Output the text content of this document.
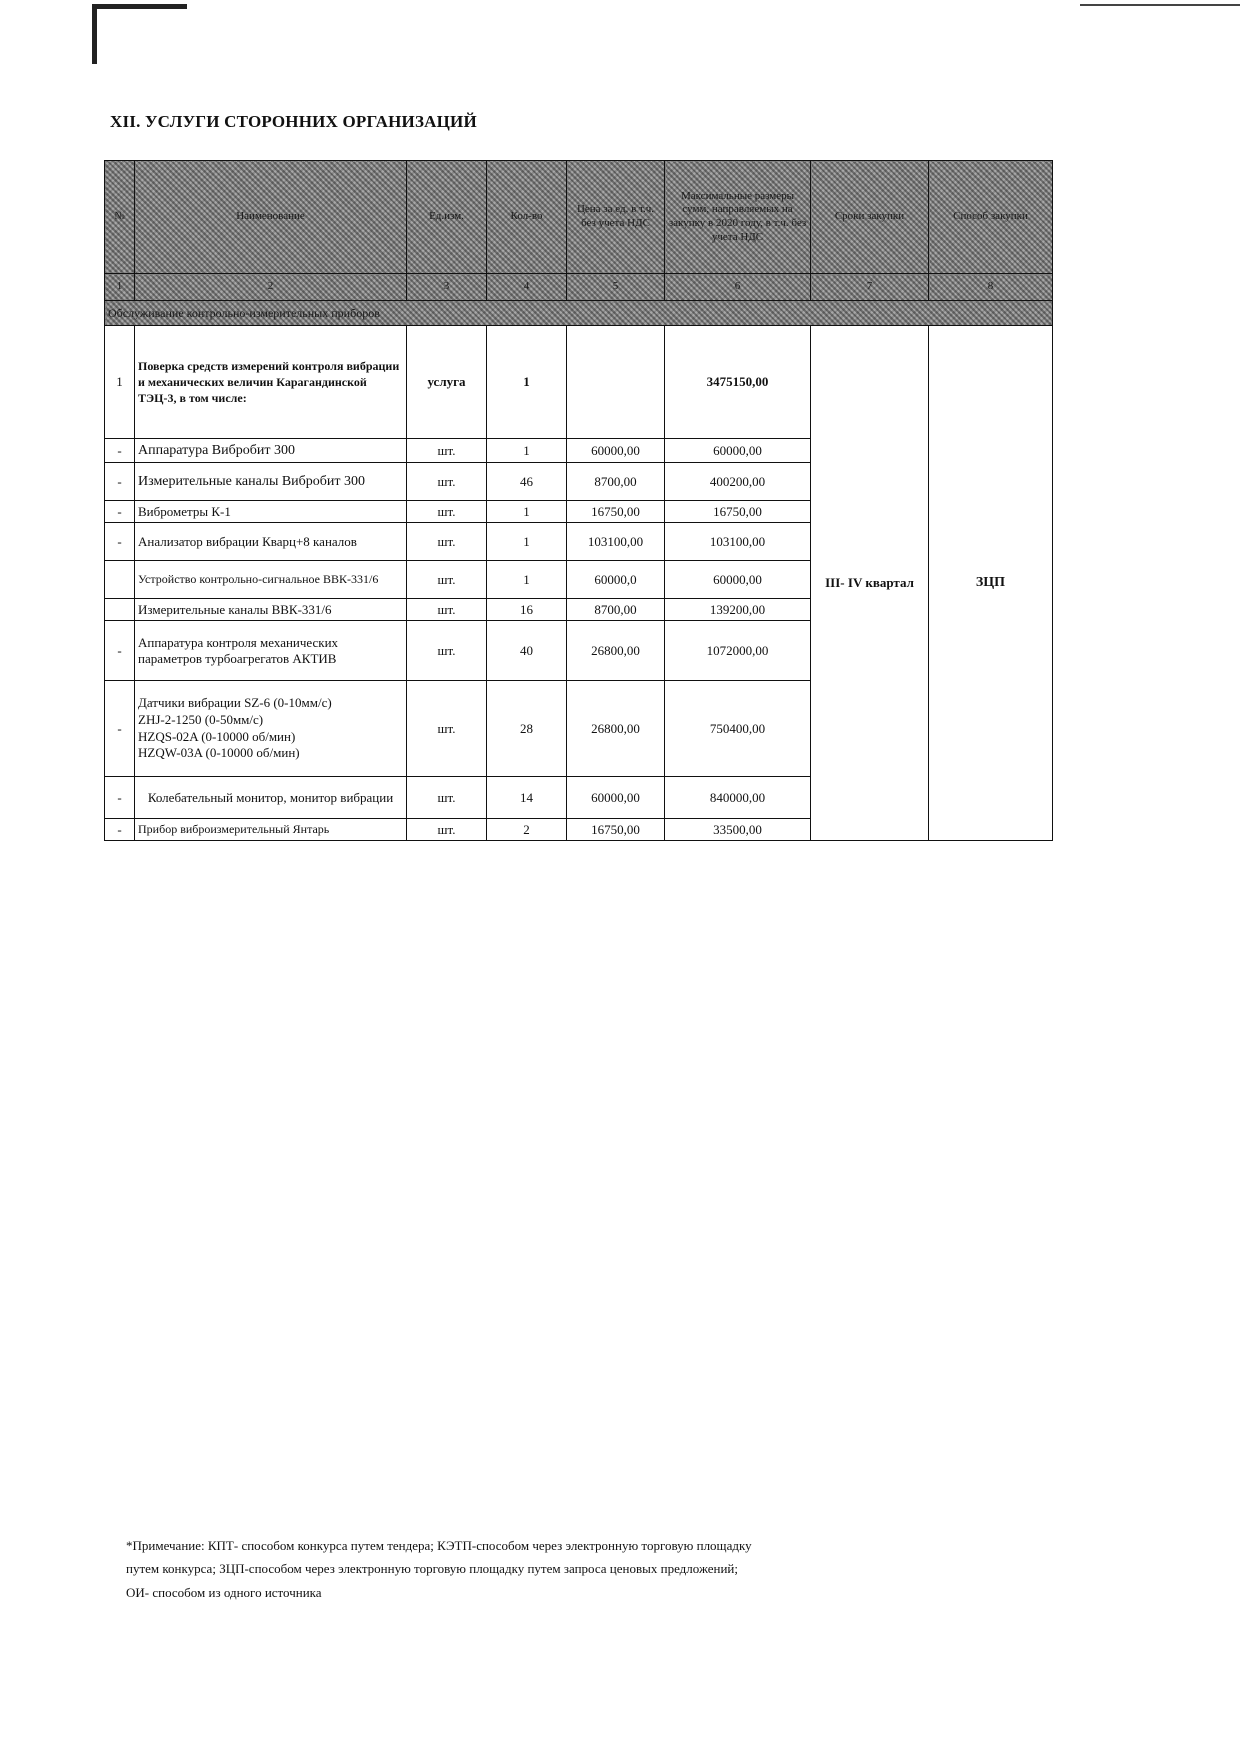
XII. УСЛУГИ СТОРОННИХ ОРГАНИЗАЦИЙ
№	Наименование	Ед.изм.	Кол-во	Цена за ед. в т.ч. без учета НДС	Максимальные размеры сумм, направляемых на закупку в 2020 году, в т.ч. без учета НДС	Сроки закупки	Способ закупки
1	2	3	4	5	6	7	8
Обслуживание контрольно-измерительных приборов							
1	Поверка средств измерений контроля вибрации и механических величин Карагандинской ТЭЦ-3, в том числе:	услуга	1		3475150,00	III- IV квартал	ЗЦП
-	Аппаратура Вибробит 300	шт.	1	60000,00	60000,00		
-	Измерительные каналы Вибробит 300	шт.	46	8700,00	400200,00		
-	Виброметры К-1	шт.	1	16750,00	16750,00		
-	Анализатор вибрации Кварц+8 каналов	шт.	1	103100,00	103100,00		
	Устройство контрольно-сигнальное ВВК-331/6	шт.	1	60000,0	60000,00		
	Измерительные каналы ВВК-331/6	шт.	16	8700,00	139200,00		
-	Аппаратура контроля механических параметров турбоагрегатов АКТИВ	шт.	40	26800,00	1072000,00		
-	Датчики вибрации SZ-6 (0-10мм/с)
ZHJ-2-1250 (0-50мм/с)
HZQS-02A (0-10000 об/мин)
HZQW-03A (0-10000 об/мин)	шт.	28	26800,00	750400,00		
-	Колебательный монитор, монитор вибрации	шт.	14	60000,00	840000,00		
-	Прибор виброизмерительный Янтарь	шт.	2	16750,00	33500,00		
*Примечание: КПТ- способом конкурса путем тендера; КЭТП-способом через электронную торговую площадку
путем конкурса; ЗЦП-способом через электронную торговую площадку путем запроса ценовых предложений;
ОИ- способом из одного источника
